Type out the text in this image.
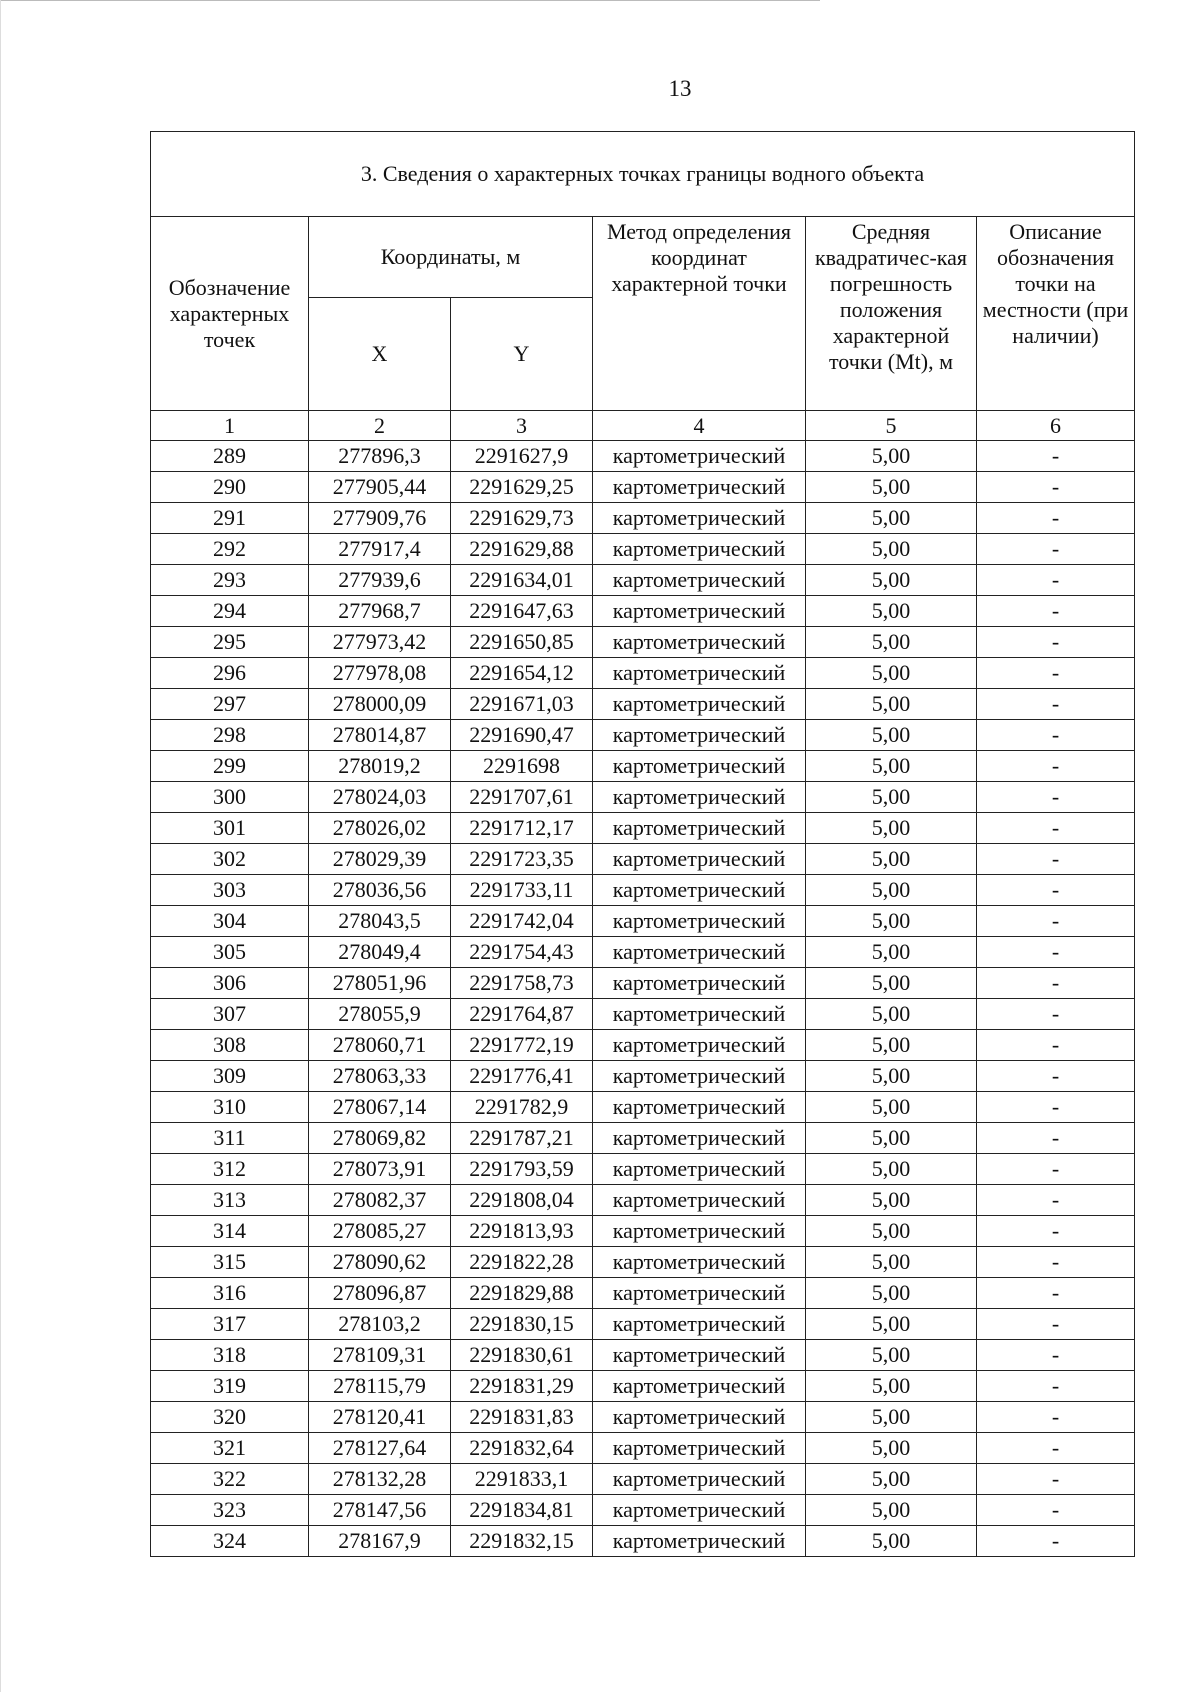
13
3. Сведения о характерных точках границы водного объекта					
Обозначение характерных точек	Координаты, м		Метод определения координат характерной точки	Средняя квадратичес-кая погрешность положения характерной точки (Mt), м	Описание обозначения точки на местности (при наличии)
	X	Y			
1	2	3	4	5	6
289	277896,3	2291627,9	картометрический	5,00	-
290	277905,44	2291629,25	картометрический	5,00	-
291	277909,76	2291629,73	картометрический	5,00	-
292	277917,4	2291629,88	картометрический	5,00	-
293	277939,6	2291634,01	картометрический	5,00	-
294	277968,7	2291647,63	картометрический	5,00	-
295	277973,42	2291650,85	картометрический	5,00	-
296	277978,08	2291654,12	картометрический	5,00	-
297	278000,09	2291671,03	картометрический	5,00	-
298	278014,87	2291690,47	картометрический	5,00	-
299	278019,2	2291698	картометрический	5,00	-
300	278024,03	2291707,61	картометрический	5,00	-
301	278026,02	2291712,17	картометрический	5,00	-
302	278029,39	2291723,35	картометрический	5,00	-
303	278036,56	2291733,11	картометрический	5,00	-
304	278043,5	2291742,04	картометрический	5,00	-
305	278049,4	2291754,43	картометрический	5,00	-
306	278051,96	2291758,73	картометрический	5,00	-
307	278055,9	2291764,87	картометрический	5,00	-
308	278060,71	2291772,19	картометрический	5,00	-
309	278063,33	2291776,41	картометрический	5,00	-
310	278067,14	2291782,9	картометрический	5,00	-
311	278069,82	2291787,21	картометрический	5,00	-
312	278073,91	2291793,59	картометрический	5,00	-
313	278082,37	2291808,04	картометрический	5,00	-
314	278085,27	2291813,93	картометрический	5,00	-
315	278090,62	2291822,28	картометрический	5,00	-
316	278096,87	2291829,88	картометрический	5,00	-
317	278103,2	2291830,15	картометрический	5,00	-
318	278109,31	2291830,61	картометрический	5,00	-
319	278115,79	2291831,29	картометрический	5,00	-
320	278120,41	2291831,83	картометрический	5,00	-
321	278127,64	2291832,64	картометрический	5,00	-
322	278132,28	2291833,1	картометрический	5,00	-
323	278147,56	2291834,81	картометрический	5,00	-
324	278167,9	2291832,15	картометрический	5,00	-
